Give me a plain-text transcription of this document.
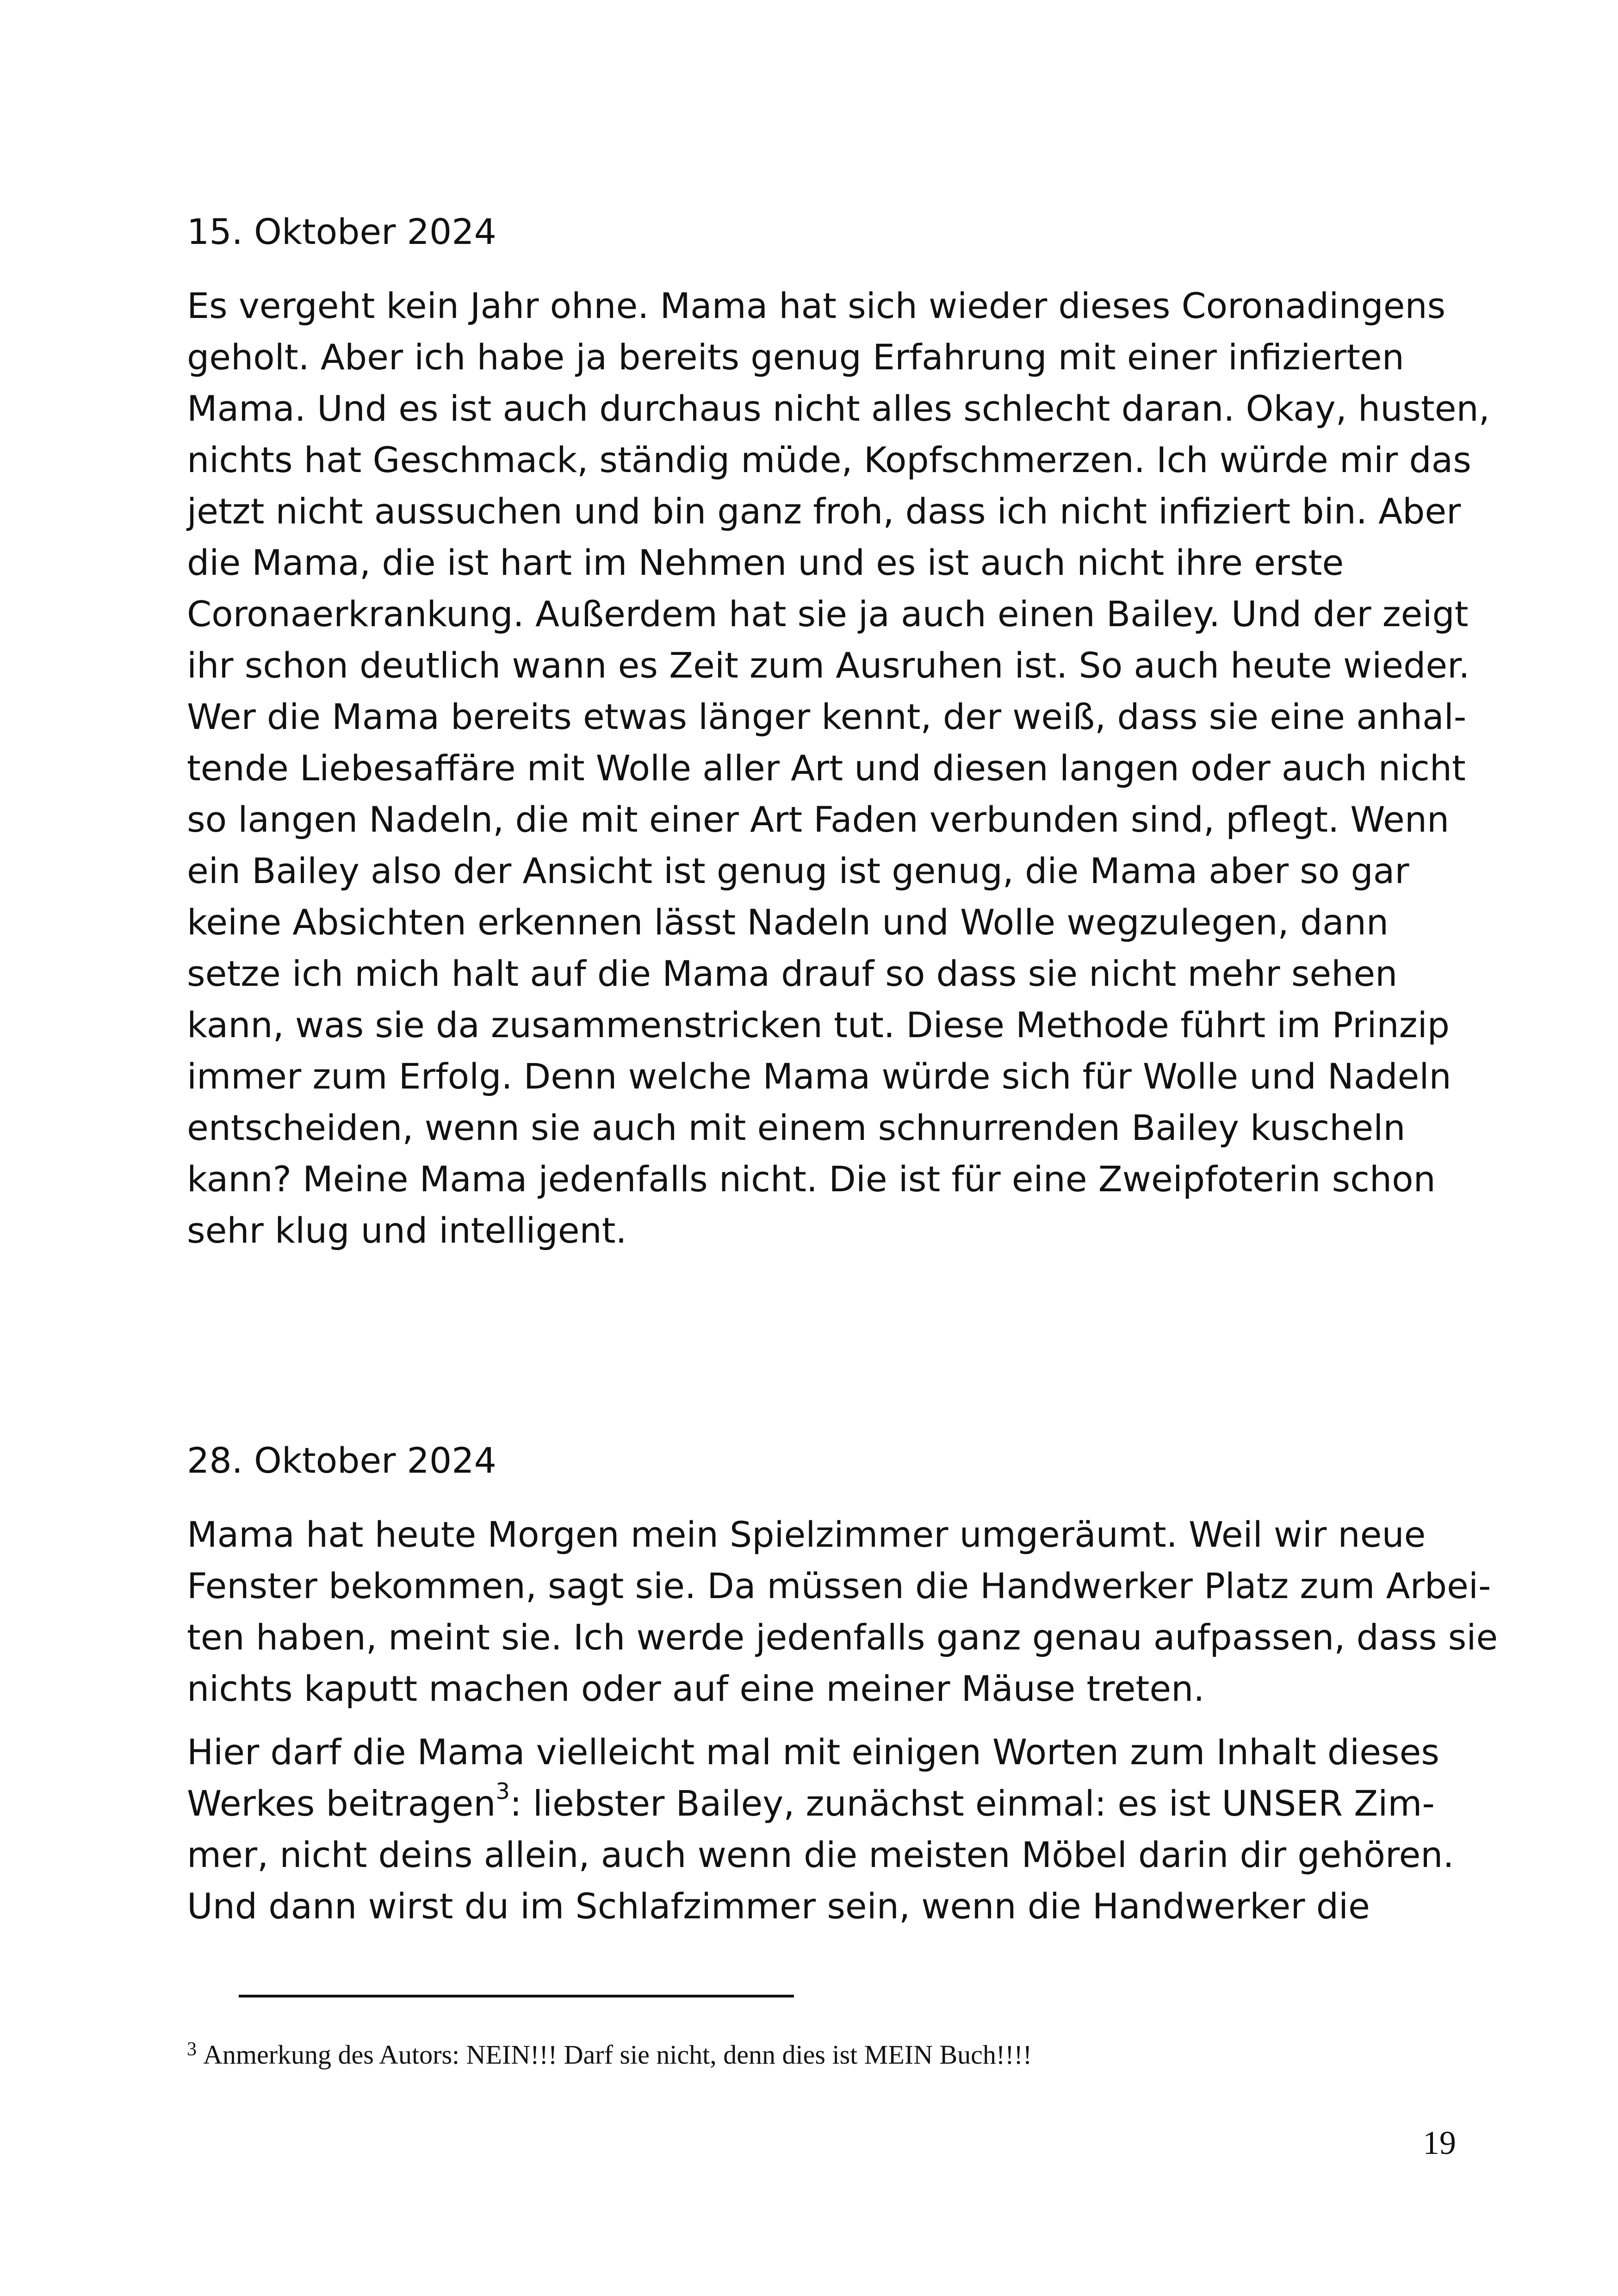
15. Oktober 2024
Es vergeht kein Jahr ohne. Mama hat sich wieder dieses Coronadingens
geholt. Aber ich habe ja bereits genug Erfahrung mit einer infizierten
Mama. Und es ist auch durchaus nicht alles schlecht daran. Okay, husten,
nichts hat Geschmack, ständig müde, Kopfschmerzen. Ich würde mir das
jetzt nicht aussuchen und bin ganz froh, dass ich nicht infiziert bin. Aber
die Mama, die ist hart im Nehmen und es ist auch nicht ihre erste
Coronaerkrankung. Außerdem hat sie ja auch einen Bailey. Und der zeigt
ihr schon deutlich wann es Zeit zum Ausruhen ist. So auch heute wieder.
Wer die Mama bereits etwas länger kennt, der weiß, dass sie eine anhal-
tende Liebesaffäre mit Wolle aller Art und diesen langen oder auch nicht
so langen Nadeln, die mit einer Art Faden verbunden sind, pflegt. Wenn
ein Bailey also der Ansicht ist genug ist genug, die Mama aber so gar
keine Absichten erkennen lässt Nadeln und Wolle wegzulegen, dann
setze ich mich halt auf die Mama drauf so dass sie nicht mehr sehen
kann, was sie da zusammenstricken tut. Diese Methode führt im Prinzip
immer zum Erfolg. Denn welche Mama würde sich für Wolle und Nadeln
entscheiden, wenn sie auch mit einem schnurrenden Bailey kuscheln
kann? Meine Mama jedenfalls nicht. Die ist für eine Zweipfoterin schon
sehr klug und intelligent.
28. Oktober 2024
Mama hat heute Morgen mein Spielzimmer umgeräumt. Weil wir neue
Fenster bekommen, sagt sie. Da müssen die Handwerker Platz zum Arbei-
ten haben, meint sie. Ich werde jedenfalls ganz genau aufpassen, dass sie
nichts kaputt machen oder auf eine meiner Mäuse treten.
Hier darf die Mama vielleicht mal mit einigen Worten zum Inhalt dieses
Werkes beitragen$^3$: liebster Bailey, zunächst einmal: es ist UNSER Zim-
mer, nicht deins allein, auch wenn die meisten Möbel darin dir gehören.
Und dann wirst du im Schlafzimmer sein, wenn die Handwerker die
$^3$ Anmerkung des Autors: NEIN!!! Darf sie nicht, denn dies ist MEIN Buch!!!!
19
